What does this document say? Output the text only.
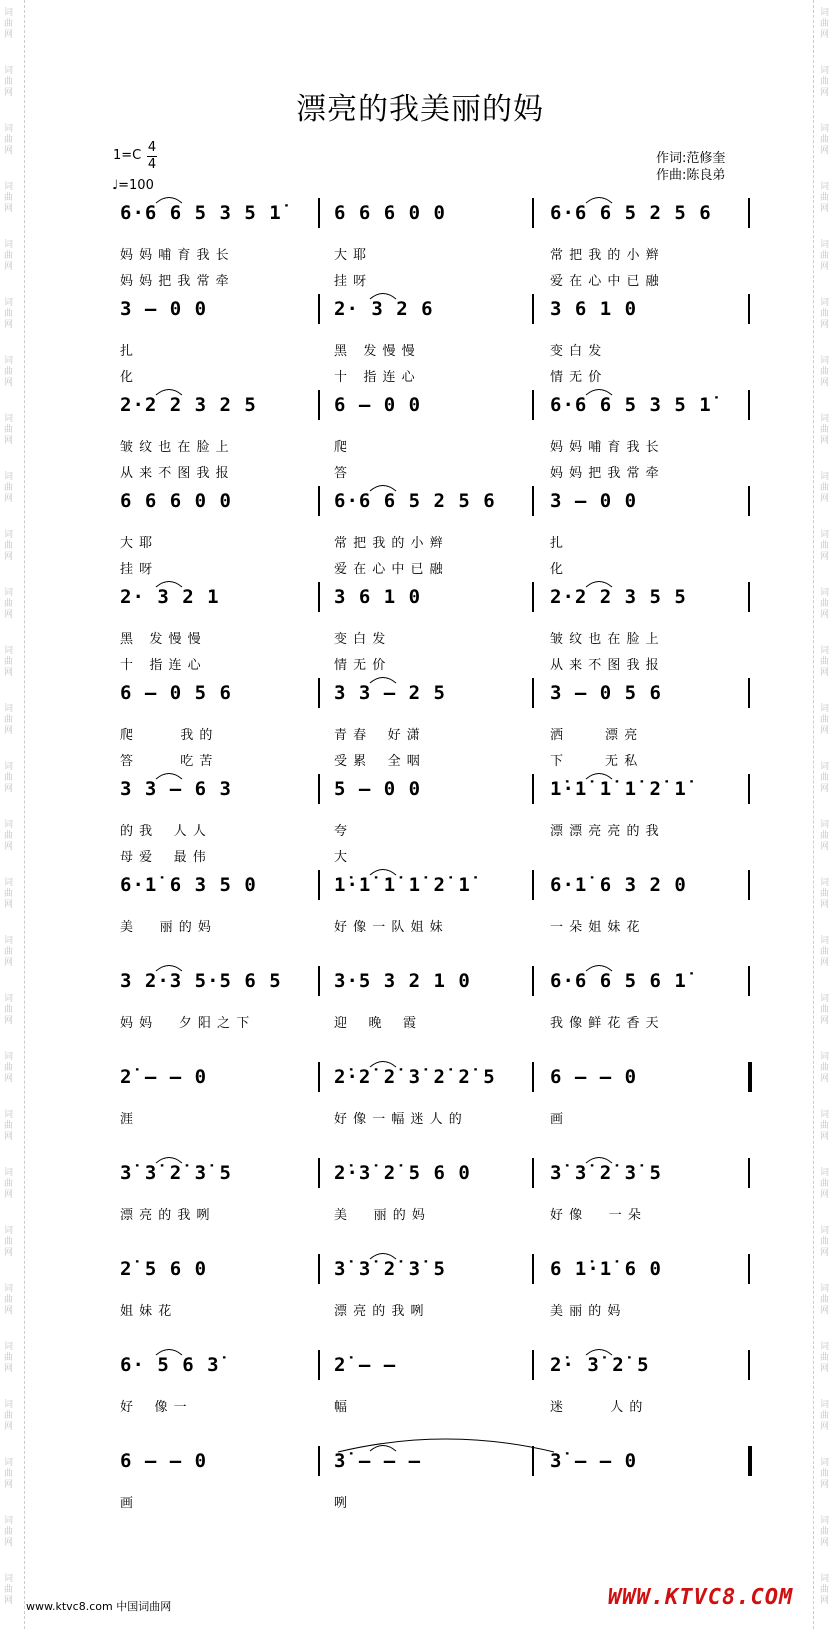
词曲网
词曲网
词曲网
词曲网
词曲网
词曲网
词曲网
词曲网
词曲网
词曲网
词曲网
词曲网
词曲网
词曲网
词曲网
词曲网
词曲网
词曲网
词曲网
词曲网
词曲网
词曲网
词曲网
词曲网
词曲网
词曲网
词曲网
词曲网
词曲网
词曲网
词曲网
词曲网
词曲网
词曲网
词曲网
词曲网
词曲网
词曲网
词曲网
词曲网
词曲网
词曲网
词曲网
词曲网
词曲网
词曲网
词曲网
词曲网
词曲网
词曲网
词曲网
词曲网
词曲网
词曲网
词曲网
词曲网
漂亮的我美丽的妈
1=C
4
4
♩=100
作词:范修奎
作曲:陈良弟
6·6 6 5 3 5 1̇
妈 妈 哺 育 我 长
妈 妈 把 我 常 牵
6 6 6 0 0
大 耶
挂 呀
6·6 6 5 2 5 6
常 把 我 的 小 辫
爱 在 心 中 已 融
3 – 0 0
扎
化
2· 3 2 6
黑   发 慢 慢
十   指 连 心
3 6 1 0
变 白 发
情 无 价
2·2 2 3 2 5
皱 纹 也 在 脸 上
从 来 不 图 我 报
6 – 0 0
爬
答
6·6 6 5 3 5 1̇
妈 妈 哺 育 我 长
妈 妈 把 我 常 牵
6 6 6 0 0
大 耶
挂 呀
6·6 6 5 2 5 6
常 把 我 的 小 辫
爱 在 心 中 已 融
3 – 0 0
扎
化
2· 3 2 1
黑   发 慢 慢
十   指 连 心
3 6 1 0
变 白 发
情 无 价
2·2 2 3 5 5
皱 纹 也 在 脸 上
从 来 不 图 我 报
6 – 0 5 6
爬         我 的
答         吃 苦
3 3 – 2 5
青 春    好 潇
受 累    全 咽
3 – 0 5 6
洒        漂 亮
下        无 私
3 3 – 6 3
的 我    人 人
母 爱    最 伟
5 – 0 0
夸
大
1̇·1̇ 1̇ 1̇ 2̇ 1̇
漂 漂 亮 亮 的 我
6·1̇ 6 3 5 0
美     丽 的 妈
1̇·1̇ 1̇ 1̇ 2̇ 1̇
好 像 一 队 姐 妹
6·1̇ 6 3 2 0
一 朵 姐 妹 花
3 2·3 5·5 6 5
妈 妈     夕 阳 之 下
3·5 3 2 1 0
迎    晚    霞
6·6 6 5 6 1̇
我 像 鲜 花 香 天
2̇ – – 0
涯
2̇·2̇ 2̇ 3̇ 2̇ 2̇ 5
好 像 一 幅 迷 人 的
6 – – 0
画
3̇ 3̇ 2̇ 3̇ 5
漂 亮 的 我 咧
2̇·3̇ 2̇ 5 6 0
美     丽 的 妈
3̇ 3̇ 2̇ 3̇ 5
好 像     一 朵
2̇ 5 6 0
姐 妹 花
3̇ 3̇ 2̇ 3̇ 5
漂 亮 的 我 咧
6 1̇·1̇ 6 0
美 丽 的 妈
6· 5 6 3̇
好    像 一
2̇ – –
幅
2̇· 3̇ 2̇ 5
迷         人 的
6 – – 0
画
3̇ – – –
咧
3̇ – – 0
www.ktvc8.com 中国词曲网	WWW.KTVC8.COM
